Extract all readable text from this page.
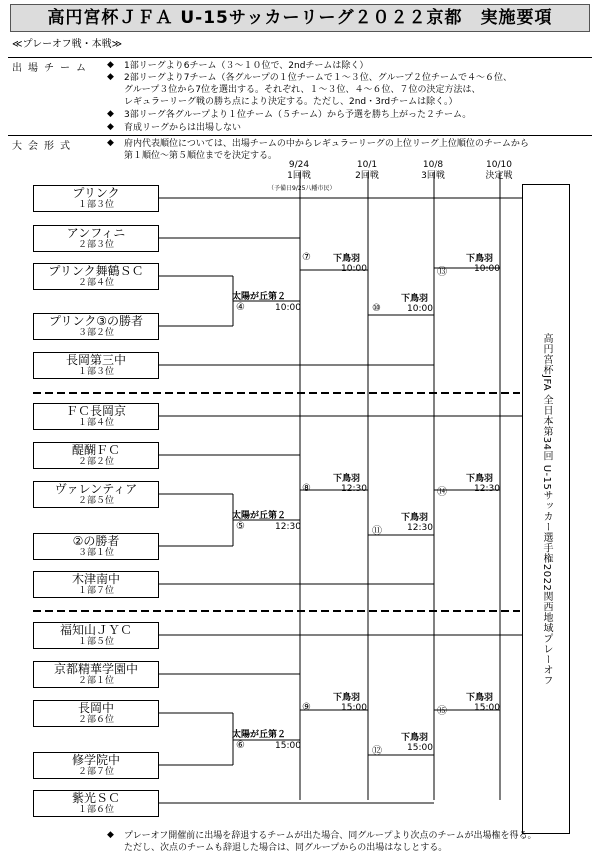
高円宮杯ＪＦＡ U-15サッカーリーグ２０２２京都　実施要項
≪プレーオフ戦・本戦≫
出場チーム ◆ 1部リーグより6チーム（３～１０位で、2ndチームは除く）
◆ 2部リーグより7チーム（各グループの１位チームで１～３位、グループ２位チームで４～６位、
グループ３位から7位を選出する。それぞれ、１～３位、４～６位、７位の決定方法は、
レギュラーリーグ戦の勝ち点により決定する。ただし、2nd・3rdチームは除く。）
◆ 3部リーグ各グループより１位チーム（５チーム）から予選を勝ち上がった２チーム。
◆ 育成リーグからは出場しない
大会形式	◆ 府内代表順位については、出場チームの中からレギュラーリーグの上位リーグ上位順位のチームから
第１順位～第５順位までを決定する。
9/24
1回戦
（予備日9/25八幡市民）
10/1
2回戦
10/8
3回戦
10/10
決定戦
プリンク
１部３位
アンフィニ
２部３位
プリンク舞鶴ＳＣ
２部４位
プリンク③の勝者
３部２位
長岡第三中
１部３位
ＦＣ長岡京
１部４位
醍醐ＦＣ
２部２位
ヴァレンティア
２部５位
②の勝者
３部１位
木津南中
１部７位
福知山ＪＹＣ
１部５位
京都精華学園中
２部１位
長岡中
２部６位
修学院中
２部７位
紫光ＳＣ
１部６位
太陽が丘第２
④	10:00
⑦ 下鳥羽
10:00
下鳥羽
⑩	10:00
⑬
下鳥羽
10:00
太陽が丘第２
⑤	12:30
⑧
下鳥羽
12:30
下鳥羽
⑪	12:30
⑭
下鳥羽
12:30
太陽が丘第２
⑥	15:00
⑨
下鳥羽
15:00
下鳥羽
⑫	15:00
⑮
下鳥羽
15:00
高円宮杯JFA 全日本第34回 U-15サッカー選手権2022関西地域プレーオフ
◆ プレーオフ開催前に出場を辞退するチームが出た場合、同グループより次点のチームが出場権を得る。
ただし、次点のチームも辞退した場合は、同グループからの出場はなしとする。
